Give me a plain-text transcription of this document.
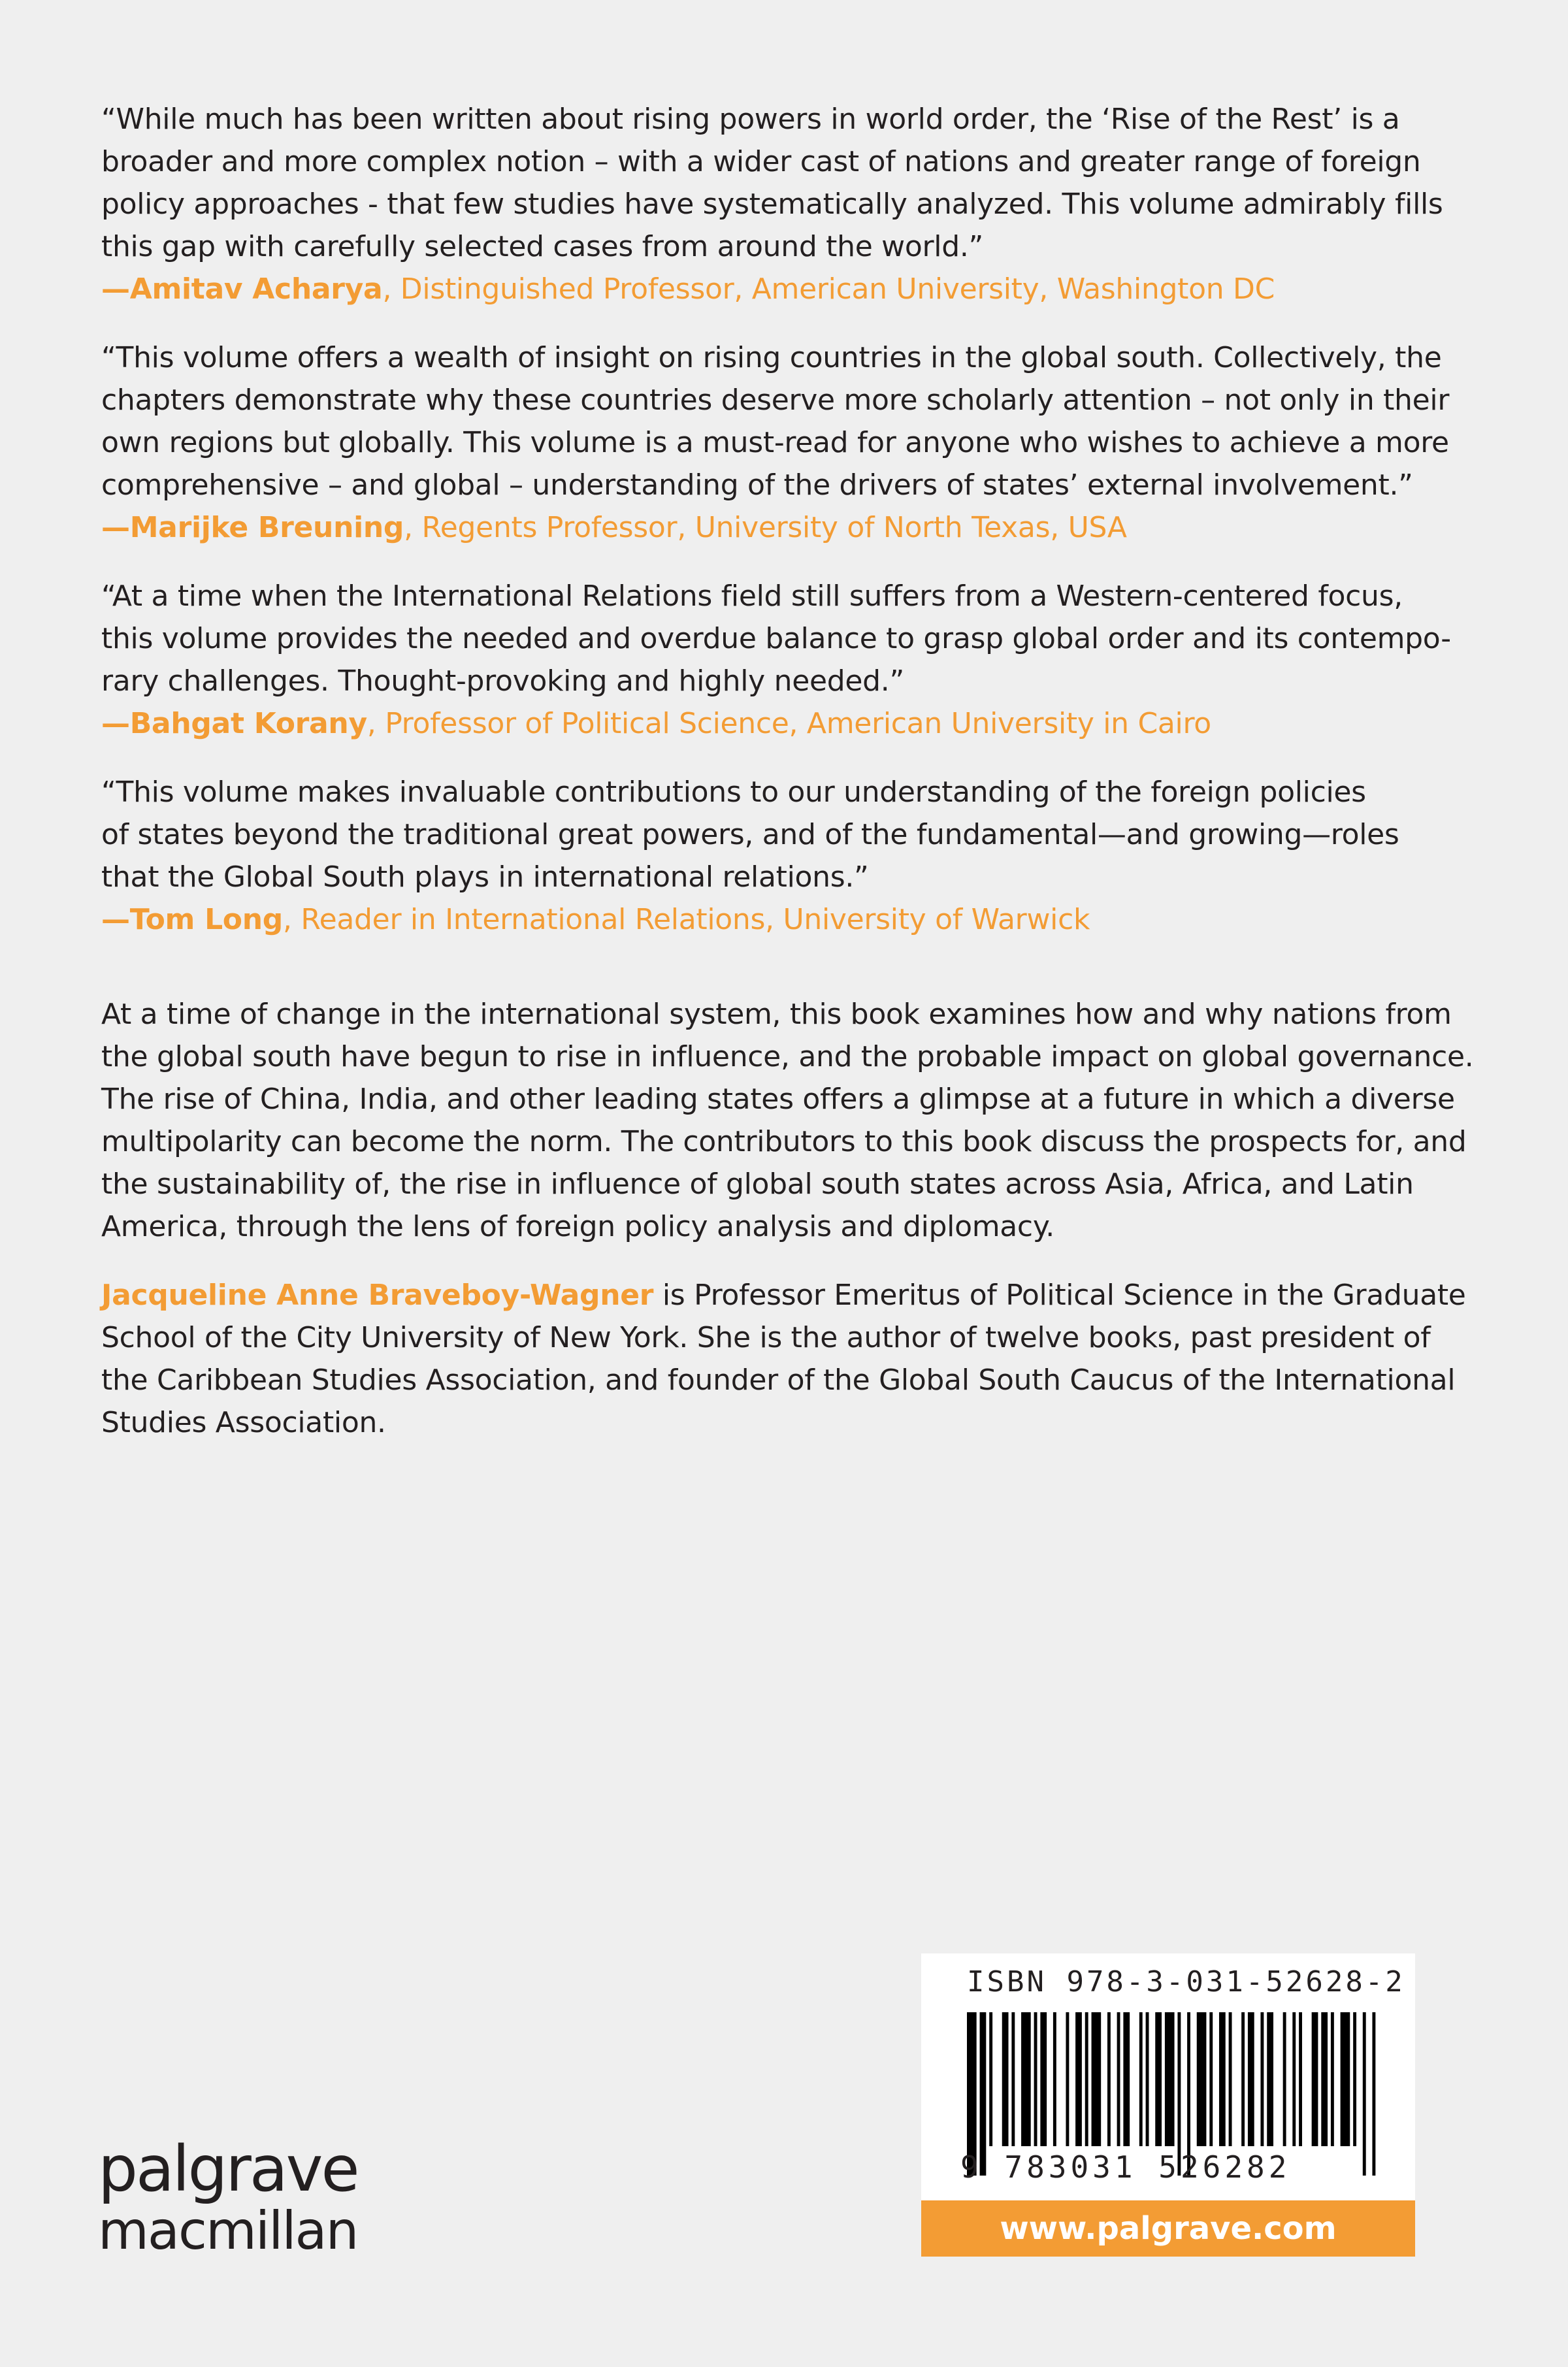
“While much has been written about rising powers in world order, the ‘Rise of the Rest’ is a
broader and more complex notion – with a wider cast of nations and greater range of foreign
policy approaches - that few studies have systematically analyzed. This volume admirably fills
this gap with carefully selected cases from around the world.”
—Amitav Acharya, Distinguished Professor, American University, Washington DC
“This volume offers a wealth of insight on rising countries in the global south. Collectively, the
chapters demonstrate why these countries deserve more scholarly attention – not only in their
own regions but globally. This volume is a must-read for anyone who wishes to achieve a more
comprehensive – and global – understanding of the drivers of states’ external involvement.”
—Marijke Breuning, Regents Professor, University of North Texas, USA
“At a time when the International Relations field still suffers from a Western-centered focus,
this volume provides the needed and overdue balance to grasp global order and its contempo-
rary challenges. Thought-provoking and highly needed.”
—Bahgat Korany, Professor of Political Science, American University in Cairo
“This volume makes invaluable contributions to our understanding of the foreign policies
of states beyond the traditional great powers, and of the fundamental—and growing—roles
that the Global South plays in international relations.”
—Tom Long, Reader in International Relations, University of Warwick
At a time of change in the international system, this book examines how and why nations from
the global south have begun to rise in influence, and the probable impact on global governance.
The rise of China, India, and other leading states offers a glimpse at a future in which a diverse
multipolarity can become the norm. The contributors to this book discuss the prospects for, and
the sustainability of, the rise in influence of global south states across Asia, Africa, and Latin
America, through the lens of foreign policy analysis and diplomacy.
Jacqueline Anne Braveboy-Wagner is Professor Emeritus of Political Science in the Graduate
School of the City University of New York. She is the author of twelve books, past president of
the Caribbean Studies Association, and founder of the Global South Caucus of the International
Studies Association.
palgrave
macmillan
ISBN 978-3-031-52628-2
9 783031 526282
www.palgrave.com
